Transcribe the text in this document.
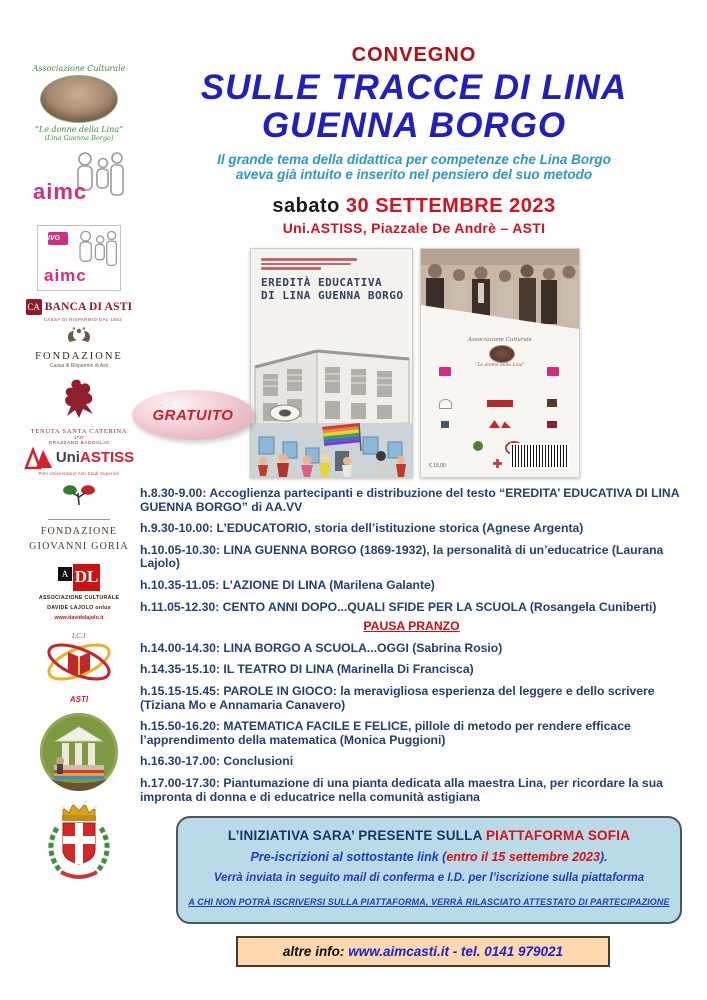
Associazione Culturale
“Le donne della Lina”
(Lina Guenna Borgo)
aimc
IVG
aimc
CA BANCA DI ASTI
CASSA DI RISPARMIO DAL 1842
FONDAZIONE
Cassa di Risparmio di Asti
TENUTA SANTA CATERINA
1737
GRAZZANO BADOGLIO
UniASTISS
Polo Universitario Asti Studi Superiori
FONDAZIONE
GIOVANNI GORIA
A DL
ASSOCIAZIONE CULTURALE
DAVIDE LAJOLO onlus
www.davidelajolo.it
I.C.1
ASTI
CONVEGNO
SULLE TRACCE DI LINA
GUENNA BORGO
Il grande tema della didattica per competenze che Lina Borgo
aveva già intuito e inserito nel pensiero del suo metodo
sabato 30 SETTEMBRE 2023
Uni.ASTISS, Piazzale De Andrè – ASTI
EREDITÀ EDUCATIVA
DI LINA GUENNA BORGO
Associazione Culturale
“Le donne della Lina”
€ 15,00
GRATUITO

h.8.30-9.00: Accoglienza partecipanti e distribuzione del testo “EREDITA’ EDUCATIVA DI LINA GUENNA BORGO” di AA.VV

h.9.30-10.00: L’EDUCATORIO, storia dell’istituzione storica (Agnese Argenta)

h.10.05-10.30: LINA GUENNA BORGO (1869-1932), la personalità di un’educatrice (Laurana Lajolo)

h.10.35-11.05: L’AZIONE DI LINA (Marilena Galante)

h.11.05-12.30: CENTO ANNI DOPO...QUALI SFIDE PER LA SCUOLA (Rosangela Cuniberti)

PAUSA PRANZO

h.14.00-14.30: LINA BORGO A SCUOLA...OGGI (Sabrina Rosio)

h.14.35-15.10: IL TEATRO DI LINA (Marinella Di Francisca)

h.15.15-15.45: PAROLE IN GIOCO: la meravigliosa esperienza del leggere e dello scrivere (Tiziana Mo e Annamaria Canavero)

h.15.50-16.20: MATEMATICA FACILE E FELICE, pillole di metodo per rendere efficace l’apprendimento della matematica (Monica Puggioni)

h.16.30-17.00: Conclusioni

h.17.00-17.30: Piantumazione di una pianta dedicata alla maestra Lina, per ricordare la sua impronta di donna e di educatrice nella comunità astigiana

L’INIZIATIVA SARA’ PRESENTE SULLA PIATTAFORMA SOFIA
Pre-iscrizioni al sottostante link (entro il 15 settembre 2023).
Verrà inviata in seguito mail di conferma e I.D. per l’iscrizione sulla piattaforma
A CHI NON POTRÀ ISCRIVERSI SULLA PIATTAFORMA, VERRÀ RILASCIATO ATTESTATO DI PARTECIPAZIONE
altre info: www.aimcasti.it - tel. 0141 979021
